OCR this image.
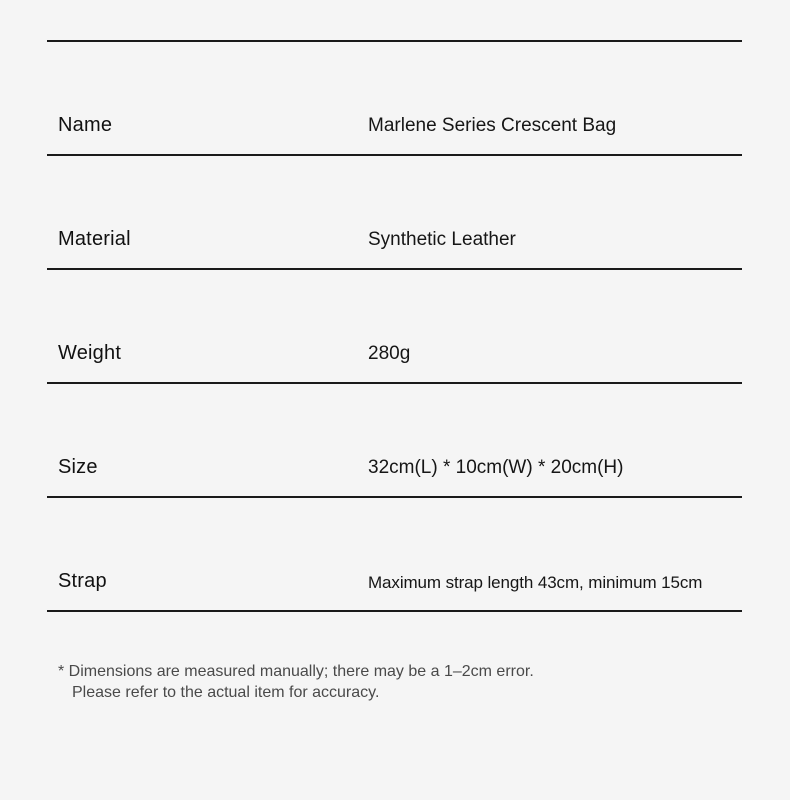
Name	Marlene Series Crescent Bag
Material	Synthetic Leather
Weight	280g
Size	32cm(L) * 10cm(W) * 20cm(H)
Strap	Maximum strap length 43cm, minimum 15cm
* Dimensions are measured manually; there may be a 1–2cm error.
Please refer to the actual item for accuracy.
